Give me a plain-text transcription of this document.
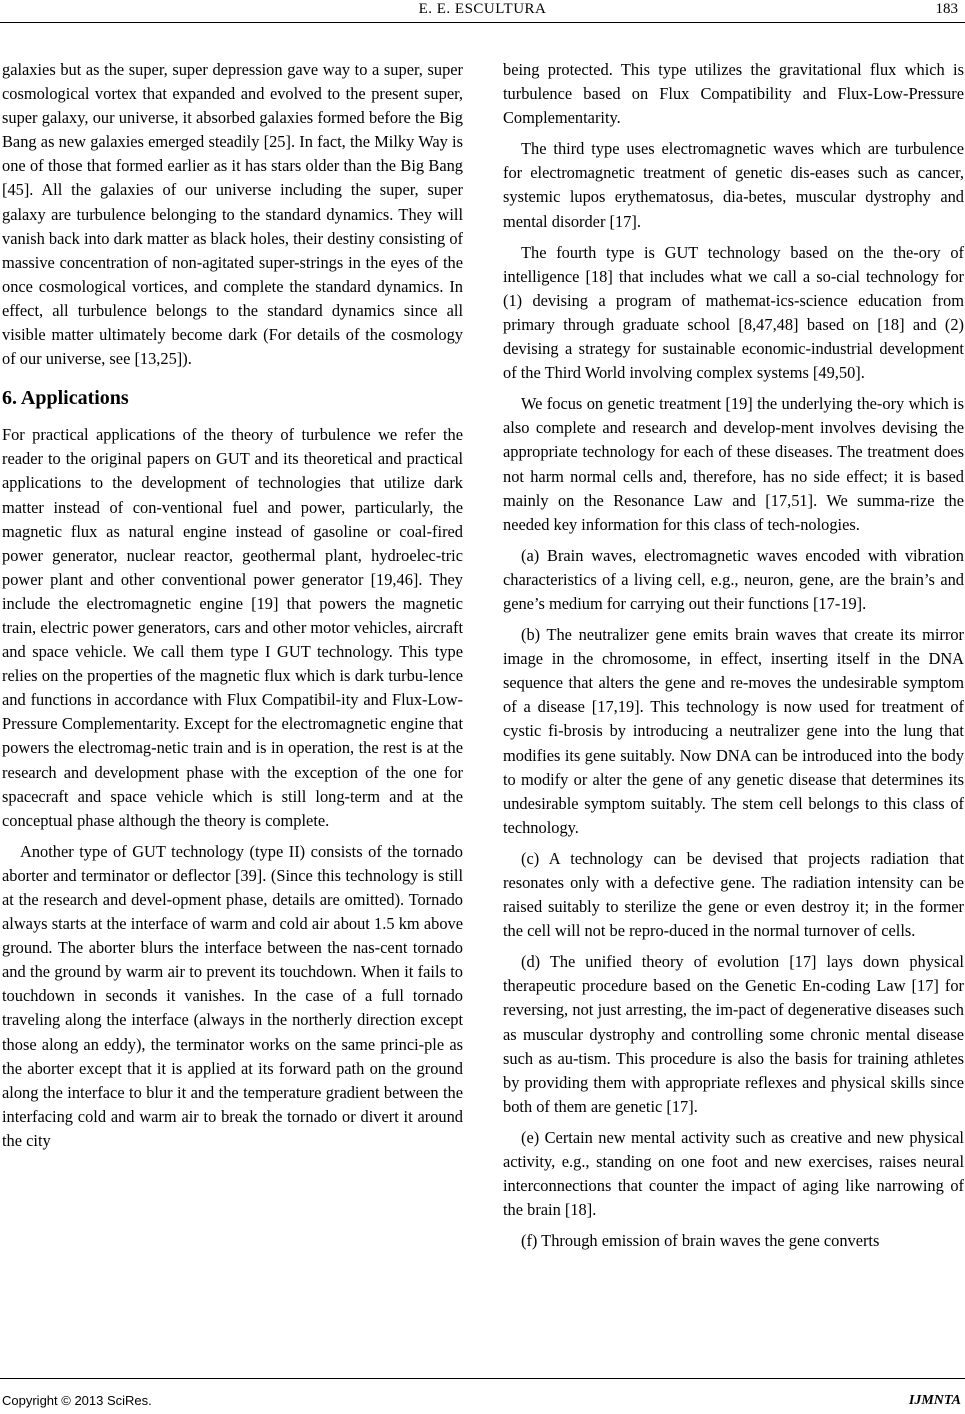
E. E. ESCULTURA	183

galaxies but as the super, super depression gave way to a super, super cosmological vortex that expanded and evolved to the present super, super galaxy, our universe, it absorbed galaxies formed before the Big Bang as new galaxies emerged steadily [25]. In fact, the Milky Way is one of those that formed earlier as it has stars older than the Big Bang [45]. All the galaxies of our universe including the super, super galaxy are turbulence belonging to the standard dynamics. They will vanish back into dark matter as black holes, their destiny consisting of massive concentration of non-agitated super-strings in the eyes of the once cosmological vortices, and complete the standard dynamics. In effect, all turbulence belongs to the standard dynamics since all visible matter ultimately become dark (For details of the cosmology of our universe, see [13,25]).

6. Applications

For practical applications of the theory of turbulence we refer the reader to the original papers on GUT and its theoretical and practical applications to the development of technologies that utilize dark matter instead of con-ventional fuel and power, particularly, the magnetic flux as natural engine instead of gasoline or coal-fired power generator, nuclear reactor, geothermal plant, hydroelec-tric power plant and other conventional power generator [19,46]. They include the electromagnetic engine [19] that powers the magnetic train, electric power generators, cars and other motor vehicles, aircraft and space vehicle. We call them type I GUT technology. This type relies on the properties of the magnetic flux which is dark turbu-lence and functions in accordance with Flux Compatibil-ity and Flux-Low-Pressure Complementarity. Except for the electromagnetic engine that powers the electromag-netic train and is in operation, the rest is at the research and development phase with the exception of the one for spacecraft and space vehicle which is still long-term and at the conceptual phase although the theory is complete.

Another type of GUT technology (type II) consists of the tornado aborter and terminator or deflector [39]. (Since this technology is still at the research and devel-opment phase, details are omitted). Tornado always starts at the interface of warm and cold air about 1.5 km above ground. The aborter blurs the interface between the nas-cent tornado and the ground by warm air to prevent its touchdown. When it fails to touchdown in seconds it vanishes. In the case of a full tornado traveling along the interface (always in the northerly direction except those along an eddy), the terminator works on the same princi-ple as the aborter except that it is applied at its forward path on the ground along the interface to blur it and the temperature gradient between the interfacing cold and warm air to break the tornado or divert it around the city

being protected. This type utilizes the gravitational flux which is turbulence based on Flux Compatibility and Flux-Low-Pressure Complementarity.

The third type uses electromagnetic waves which are turbulence for electromagnetic treatment of genetic dis-eases such as cancer, systemic lupos erythematosus, dia-betes, muscular dystrophy and mental disorder [17].

The fourth type is GUT technology based on the the-ory of intelligence [18] that includes what we call a so-cial technology for (1) devising a program of mathemat-ics-science education from primary through graduate school [8,47,48] based on [18] and (2) devising a strategy for sustainable economic-industrial development of the Third World involving complex systems [49,50].

We focus on genetic treatment [19] the underlying the-ory which is also complete and research and develop-ment involves devising the appropriate technology for each of these diseases. The treatment does not harm normal cells and, therefore, has no side effect; it is based mainly on the Resonance Law and [17,51]. We summa-rize the needed key information for this class of tech-nologies.

(a) Brain waves, electromagnetic waves encoded with vibration characteristics of a living cell, e.g., neuron, gene, are the brain’s and gene’s medium for carrying out their functions [17-19].

(b) The neutralizer gene emits brain waves that create its mirror image in the chromosome, in effect, inserting itself in the DNA sequence that alters the gene and re-moves the undesirable symptom of a disease [17,19]. This technology is now used for treatment of cystic fi-brosis by introducing a neutralizer gene into the lung that modifies its gene suitably. Now DNA can be introduced into the body to modify or alter the gene of any genetic disease that determines its undesirable symptom suitably. The stem cell belongs to this class of technology.

(c) A technology can be devised that projects radiation that resonates only with a defective gene. The radiation intensity can be raised suitably to sterilize the gene or even destroy it; in the former the cell will not be repro-duced in the normal turnover of cells.

(d) The unified theory of evolution [17] lays down physical therapeutic procedure based on the Genetic En-coding Law [17] for reversing, not just arresting, the im-pact of degenerative diseases such as muscular dystrophy and controlling some chronic mental disease such as au-tism. This procedure is also the basis for training athletes by providing them with appropriate reflexes and physical skills since both of them are genetic [17].

(e) Certain new mental activity such as creative and new physical activity, e.g., standing on one foot and new exercises, raises neural interconnections that counter the impact of aging like narrowing of the brain [18].

(f) Through emission of brain waves the gene converts

Copyright © 2013 SciRes.	IJMNTA
